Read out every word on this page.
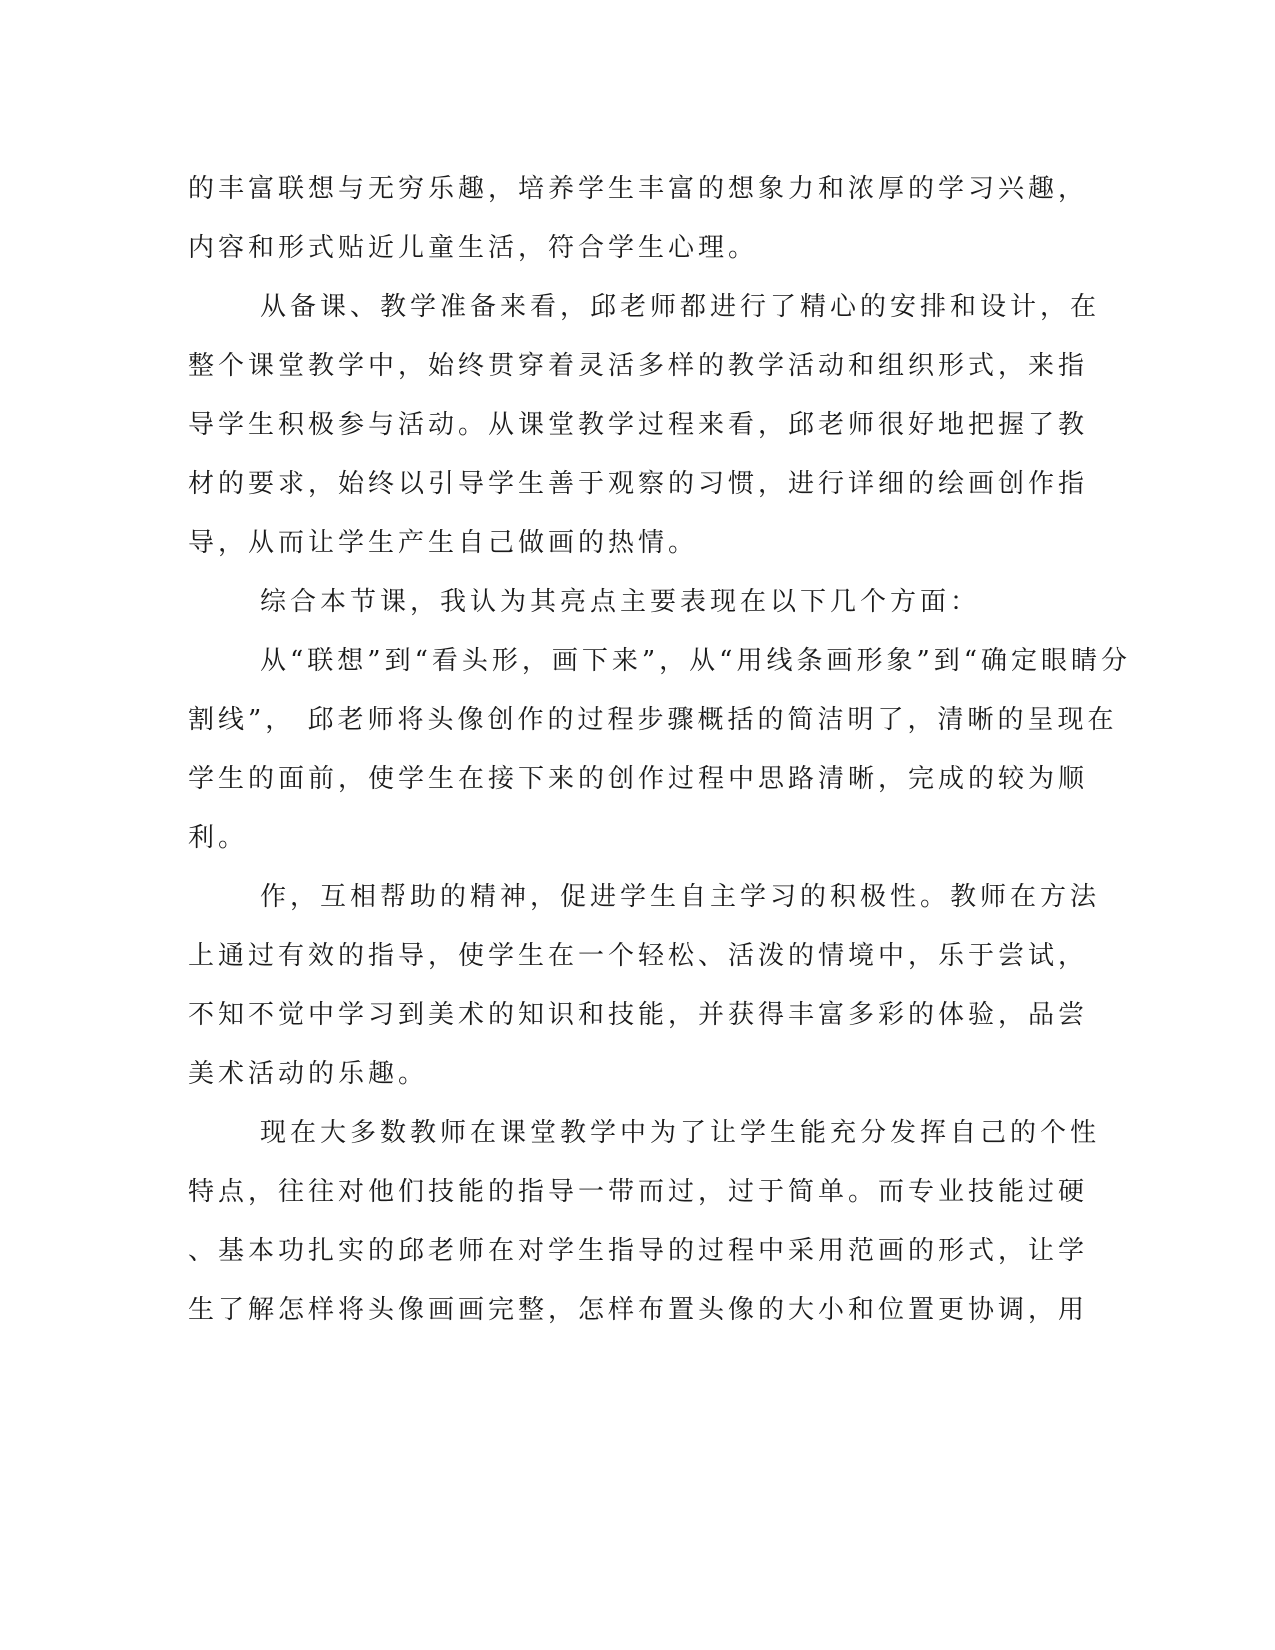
的丰富联想与无穷乐趣，培养学生丰富的想象力和浓厚的学习兴趣，
内容和形式贴近儿童生活，符合学生心理。

从备课、教学准备来看，邱老师都进行了精心的安排和设计，在
整个课堂教学中，始终贯穿着灵活多样的教学活动和组织形式，来指
导学生积极参与活动。从课堂教学过程来看，邱老师很好地把握了教
材的要求，始终以引导学生善于观察的习惯，进行详细的绘画创作指
导，从而让学生产生自己做画的热情。

综合本节课，我认为其亮点主要表现在以下几个方面：

从“联想”到“看头形，画下来”，从“用线条画形象”到“确定眼睛分
割线”， 邱老师将头像创作的过程步骤概括的简洁明了，清晰的呈现在
学生的面前，使学生在接下来的创作过程中思路清晰，完成的较为顺
利。

作，互相帮助的精神，促进学生自主学习的积极性。教师在方法
上通过有效的指导，使学生在一个轻松、活泼的情境中，乐于尝试，
不知不觉中学习到美术的知识和技能，并获得丰富多彩的体验，品尝
美术活动的乐趣。

现在大多数教师在课堂教学中为了让学生能充分发挥自己的个性
特点，往往对他们技能的指导一带而过，过于简单。而专业技能过硬
、基本功扎实的邱老师在对学生指导的过程中采用范画的形式，让学
生了解怎样将头像画画完整，怎样布置头像的大小和位置更协调，用
